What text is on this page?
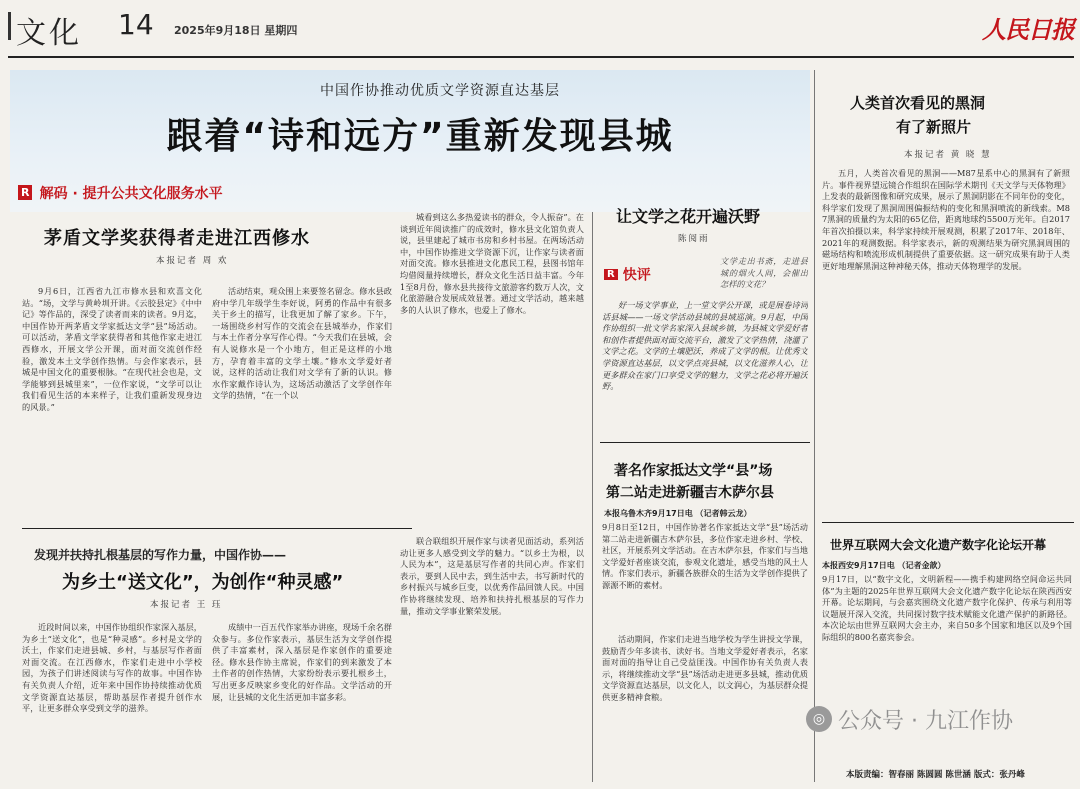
文化 14 2025年9月18日 星期四	人民日报
中国作协推动优质文学资源直达基层
跟着“诗和远方”重新发现县城
R 解码 · 提升公共文化服务水平
茅盾文学奖获得者走进江西修水
本报记者 周 欢
9月6日，江西省九江市修水县和欢喜文化站。“场，文学与黄岭圳开讲。《云胶县定》《中中记》等作品的，深受了读者而来的读者。9月迄，中国作协开两茅盾文学家抵达文学“县”场活动。可以活动，茅盾文学家获得者和其他作家走进江西修水，开展文学公开课，面对面交流创作经验，激发本土文学创作热情。与会作家表示，县城是中国文化的重要根脉。“在现代社会也是，文学能够到县城里来”，一位作家说，“文学可以让我们看见生活的本来样子，让我们重新发现身边的风景。”
活动结束，观众围上来要签名留念。修水县政府中学几年级学生李好说，阿勇的作品中有很多关于乡土的描写，让我更加了解了家乡。下午，一场围绕乡村写作的交流会在县城举办，作家们与本土作者分享写作心得。“今天我们在县城，会有人说修水是一个小地方，但正是这样的小地方，孕育着丰富的文学土壤。”修水文学爱好者说，这样的活动让我们对文学有了新的认识。修水作家戴作诗认为，这场活动激活了文学创作年文学的热情，“在一个以
城看到这么多热爱读书的群众，令人振奋”。在谈到近年阅读推广的成效时，修水县文化馆负责人说，县里建起了城市书房和乡村书屋。在两场活动中，中国作协推进文学资源下沉，让作家与读者面对面交流。修水县推进文化惠民工程，县图书馆年均借阅量持续增长，群众文化生活日益丰富。今年1至8月份，修水县共接待文旅游客约数万人次，文化旅游融合发展成效显著。通过文学活动，越来越多的人认识了修水，也爱上了修水。
发现并扶持扎根基层的写作力量，中国作协——
为乡土“送文化”，为创作“种灵感”
本报记者 王 珏
近段时间以来，中国作协组织作家深入基层，为乡土“送文化”，也是“种灵感”。乡村是文学的沃土，作家们走进县城、乡村，与基层写作者面对面交流。在江西修水，作家们走进中小学校园，为孩子们讲述阅读与写作的故事。中国作协有关负责人介绍，近年来中国作协持续推动优质文学资源直达基层，帮助基层作者提升创作水平，让更多群众享受到文学的滋养。
成绩中一百五代作家举办讲座，现场千余名群众参与。多位作家表示，基层生活为文学创作提供了丰富素材，深入基层是作家创作的重要途径。修水县作协主席说，作家们的到来激发了本土作者的创作热情，大家纷纷表示要扎根乡土，写出更多反映家乡变化的好作品。文学活动的开展，让县城的文化生活更加丰富多彩。
联合联组织开展作家与读者见面活动，系列活动让更多人感受到文学的魅力。“以乡土为根，以人民为本”，这是基层写作者的共同心声。作家们表示，要到人民中去，到生活中去，书写新时代的乡村振兴与城乡巨变，以优秀作品回馈人民。中国作协将继续发现、培养和扶持扎根基层的写作力量，推动文学事业繁荣发展。
让文学之花开遍沃野
陈阅雨
R 快评
文学走出书斋，走进县城的烟火人间，会催出怎样的文花？
好一场文学事业，上一堂文学公开课，或是展卷诗词话县城——一场文学活动县域的县域巡演。9月起，中国作协组织一批文学名家深入县域乡镇，为县城文学爱好者和创作者提供面对面交流平台，激发了文学热情，浇灌了文学之花。文学的土壤肥沃，养成了文学的根。让优秀文学资源直达基层，以文学点亮县城，以文化滋养人心，让更多群众在家门口享受文学的魅力，文学之花必将开遍沃野。
著名作家抵达文学“县”场
第二站走进新疆吉木萨尔县
本报乌鲁木齐9月17日电 （记者韩云龙）
9月8日至12日，中国作协著名作家抵达文学“县”场活动第二站走进新疆吉木萨尔县，多位作家走进乡村、学校、社区，开展系列文学活动。在吉木萨尔县，作家们与当地文学爱好者座谈交流，参观文化遗址，感受当地的风土人情。作家们表示，新疆各族群众的生活为文学创作提供了源源不断的素材。
活动期间，作家们走进当地学校为学生讲授文学课，鼓励青少年多读书、读好书。当地文学爱好者表示，名家面对面的指导让自己受益匪浅。中国作协有关负责人表示，将继续推动文学“县”场活动走进更多县城，推动优质文学资源直达基层，以文化人，以文润心，为基层群众提供更多精神食粮。
人类首次看见的黑洞
有了新照片
本报记者 黄 晓 慧
五月，人类首次看见的黑洞——M87星系中心的黑洞有了新照片。事件视界望远镜合作组织在国际学术期刊《天文学与天体物理》上发表的最新图像和研究成果，展示了黑洞阴影在不同年份的变化，科学家们发现了黑洞周围偏振结构的变化和黑洞喷流的新线索。M87黑洞的质量约为太阳的65亿倍，距离地球约5500万光年。自2017年首次拍摄以来，科学家持续开展观测，积累了2017年、2018年、2021年的观测数据。科学家表示，新的观测结果为研究黑洞周围的磁场结构和喷流形成机制提供了重要依据。这一研究成果有助于人类更好地理解黑洞这种神秘天体，推动天体物理学的发展。
世界互联网大会文化遗产数字化论坛开幕
本报西安9月17日电 （记者金歆）
9月17日，以“数字文化，文明新程——携手构建网络空间命运共同体”为主题的2025年世界互联网大会文化遗产数字化论坛在陕西西安开幕。论坛期间，与会嘉宾围绕文化遗产数字化保护、传承与利用等议题展开深入交流，共同探讨数字技术赋能文化遗产保护的新路径。本次论坛由世界互联网大会主办，来自50多个国家和地区以及9个国际组织的800名嘉宾参会。
◎ 公众号 · 九江作协
本版责编：智春丽 陈圆圆 陈世涵 版式：张丹峰
